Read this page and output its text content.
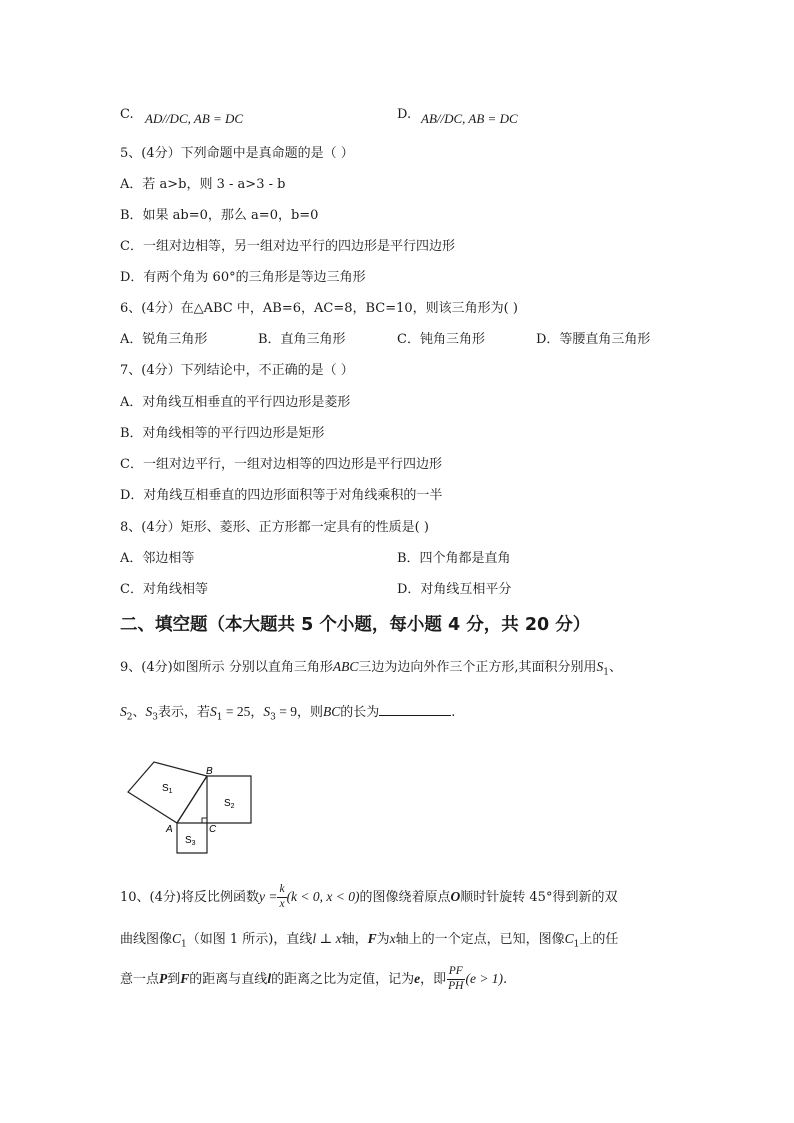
C. AD//DC, AB = DC	D. AB//DC, AB = DC
5、(4分）下列命题中是真命题的是（ ）
A．若 a>b，则 3 - a>3 - b
B．如果 ab=0，那么 a=0，b=0
C．一组对边相等，另一组对边平行的四边形是平行四边形
D．有两个角为 60°的三角形是等边三角形
6、(4分）在△ABC 中，AB=6，AC=8，BC=10，则该三角形为( )
A．锐角三角形	B．直角三角形	C．钝角三角形	D．等腰直角三角形
7、(4分）下列结论中，不正确的是（ ）
A．对角线互相垂直的平行四边形是菱形
B．对角线相等的平行四边形是矩形
C．一组对边平行，一组对边相等的四边形是平行四边形
D．对角线互相垂直的四边形面积等于对角线乘积的一半
8、(4分）矩形、菱形、正方形都一定具有的性质是( )
A．邻边相等	B．四个角都是直角
C．对角线相等	D．对角线互相平分
二、填空题（本大题共 5 个小题，每小题 4 分，共 20 分）
9、(4分)如图所示 分别以直角三角形ABC三边为边向外作三个正方形,其面积分别用$S_1$、
$S_2$、$S_3$表示，若$S_1 = 25$，$S_3 = 9$，则BC的长为	.
$S_1$
$S_2$
$S_3$
A
B
C
10、(4分)将反比例函数 $y = \frac{k}{x} (k < 0$, x < 0) 的图像绕着原点 O 顺时针旋转 45°得到新的双
曲线图像$C_1$（如图 1 所示)，直线l ⊥ x轴，F为x轴上的一个定点，已知，图像$C_1$上的任
意一点 P 到 F 的距离与直线 l 的距离之比为定值，记为 e ，即 $\frac{PF}{PH} (e > 1)$ .
